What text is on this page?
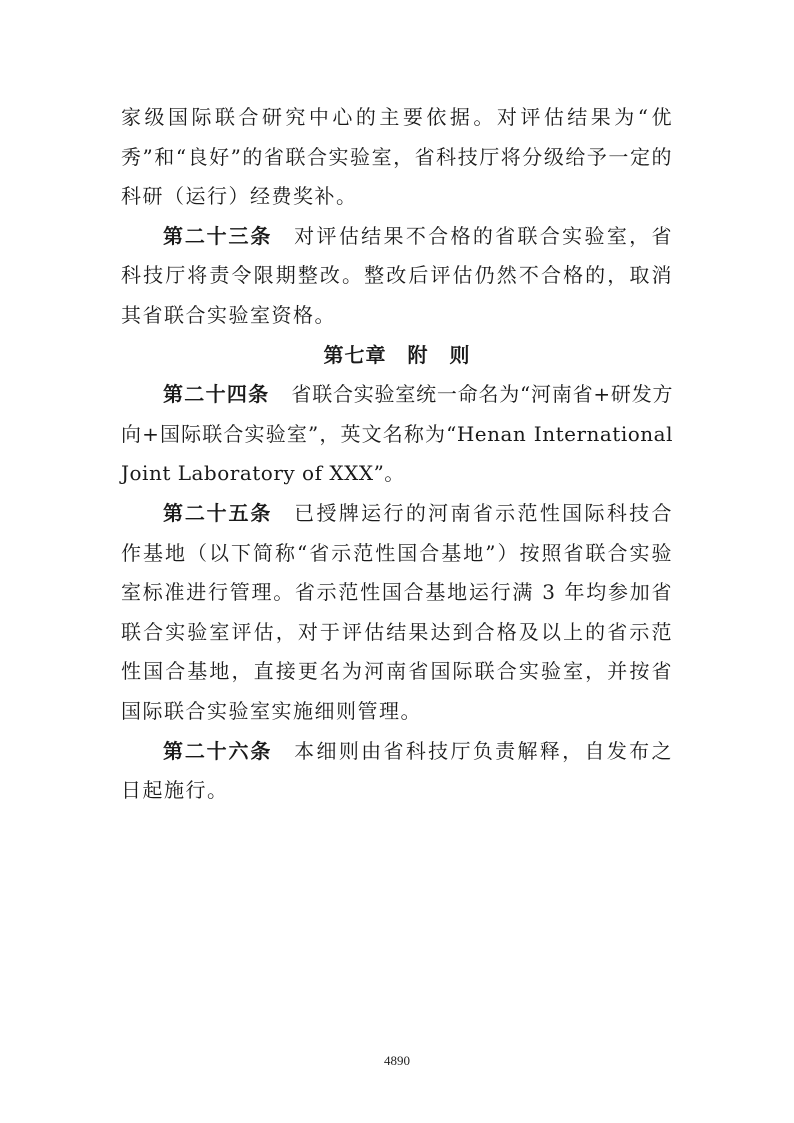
家级国际联合研究中心的主要依据。对评估结果为“优秀”和“良好”的省联合实验室，省科技厅将分级给予一定的科研（运行）经费奖补。

第二十三条 对评估结果不合格的省联合实验室，省科技厅将责令限期整改。整改后评估仍然不合格的，取消其省联合实验室资格。

第七章　附　则

第二十四条 省联合实验室统一命名为“河南省+研发方向+国际联合实验室”，英文名称为“Henan International Joint Laboratory of XXX”。

第二十五条 已授牌运行的河南省示范性国际科技合作基地（以下简称“省示范性国合基地”）按照省联合实验室标准进行管理。省示范性国合基地运行满 3 年均参加省联合实验室评估，对于评估结果达到合格及以上的省示范性国合基地，直接更名为河南省国际联合实验室，并按省国际联合实验室实施细则管理。

第二十六条 本细则由省科技厅负责解释，自发布之日起施行。

4890
